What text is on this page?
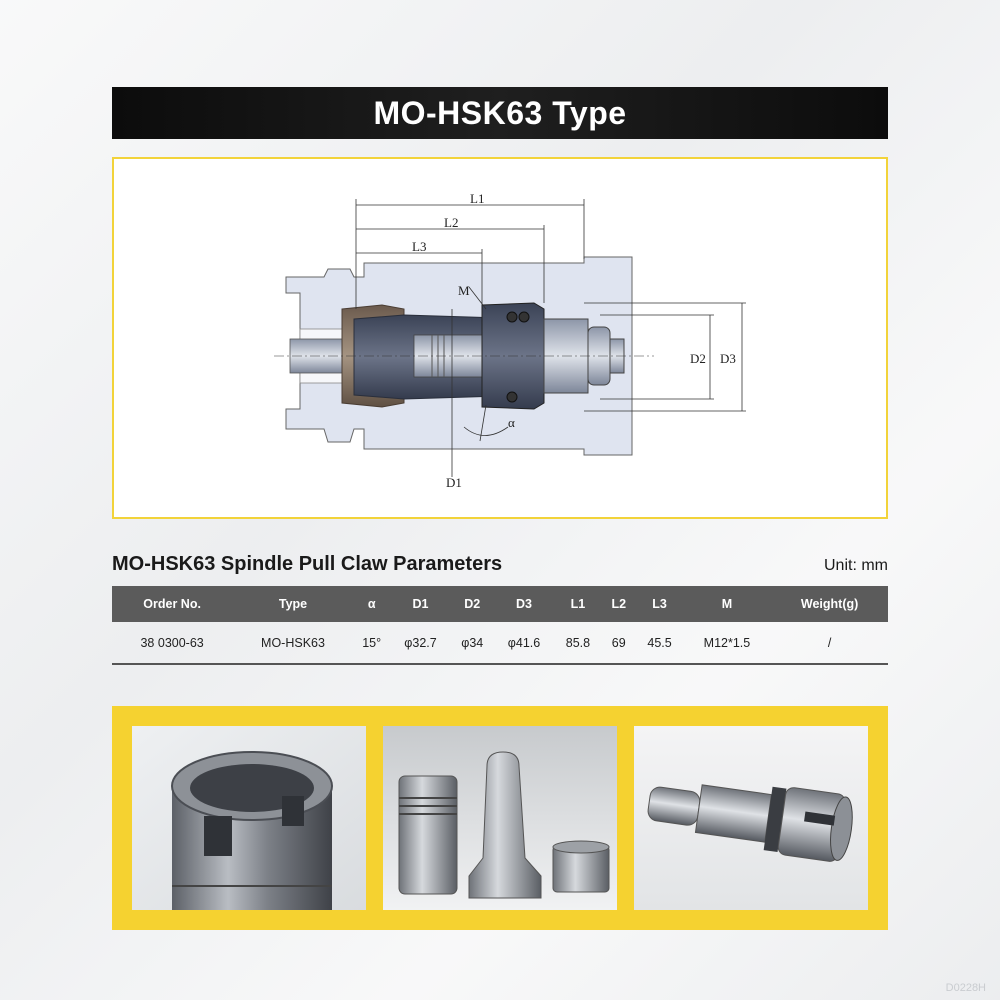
MO-HSK63 Type
L1
L2
L3
M
D1
D2 D3
α
MO-HSK63 Spindle Pull Claw Parameters	Unit: mm
Order No.	Type	α	D1	D2	D3	L1	L2	L3	M	Weight(g)
38 0300-63	MO-HSK63	15°	φ32.7	φ34	φ41.6	85.8	69	45.5	M12*1.5	/
D0228H
